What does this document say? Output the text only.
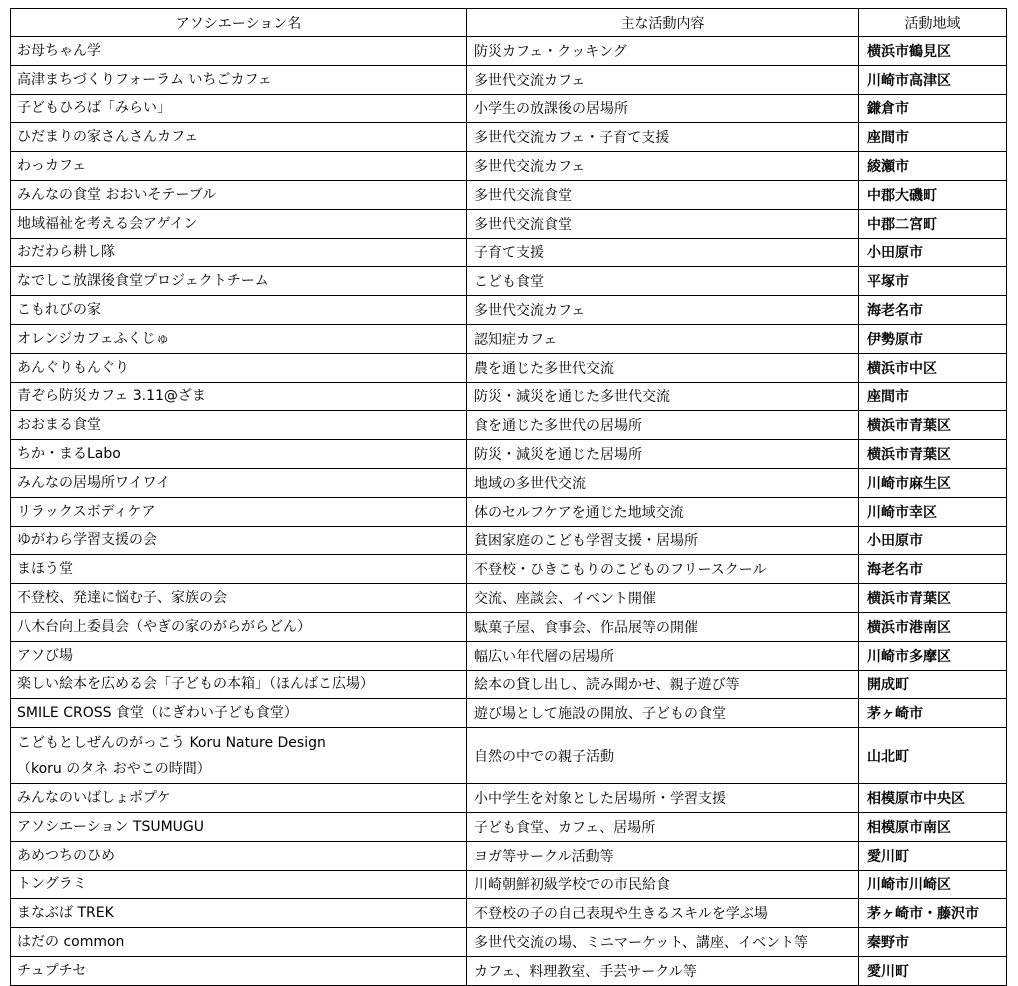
アソシエーション名	主な活動内容	活動地域

お母ちゃん学	防災カフェ・クッキング	横浜市鶴見区

高津まちづくりフォーラム いちごカフェ	多世代交流カフェ	川崎市高津区

子どもひろば「みらい」	小学生の放課後の居場所	鎌倉市

ひだまりの家さんさんカフェ	多世代交流カフェ・子育て支援	座間市

わっカフェ	多世代交流カフェ	綾瀬市

みんなの食堂 おおいそテーブル	多世代交流食堂	中郡大磯町

地域福祉を考える会アゲイン	多世代交流食堂	中郡二宮町

おだわら耕し隊	子育て支援	小田原市

なでしこ放課後食堂プロジェクトチーム	こども食堂	平塚市

こもれびの家	多世代交流カフェ	海老名市

オレンジカフェふくじゅ	認知症カフェ	伊勢原市

あんぐりもんぐり	農を通じた多世代交流	横浜市中区

青ぞら防災カフェ 3.11@ざま	防災・減災を通じた多世代交流	座間市

おおまる食堂	食を通じた多世代の居場所	横浜市青葉区

ちか・まるLabo	防災・減災を通じた居場所	横浜市青葉区

みんなの居場所ワイワイ	地域の多世代交流	川崎市麻生区

リラックスボディケア	体のセルフケアを通じた地域交流	川崎市幸区

ゆがわら学習支援の会	貧困家庭のこども学習支援・居場所	小田原市

まほう堂	不登校・ひきこもりのこどものフリースクール	海老名市

不登校、発達に悩む子、家族の会	交流、座談会、イベント開催	横浜市青葉区

八木台向上委員会（やぎの家のがらがらどん）	駄菓子屋、食事会、作品展等の開催	横浜市港南区

アソび場	幅広い年代層の居場所	川崎市多摩区

楽しい絵本を広める会「子どもの本箱」（ほんばこ広場）	絵本の貸し出し、読み聞かせ、親子遊び等	開成町

SMILE CROSS 食堂（にぎわい子ども食堂）	遊び場として施設の開放、子どもの食堂	茅ヶ崎市

こどもとしぜんのがっこう Koru Nature Design
（koru のタネ おやこの時間）	自然の中での親子活動	山北町

みんなのいばしょポプケ	小中学生を対象とした居場所・学習支援	相模原市中央区

アソシエーション TSUMUGU	子ども食堂、カフェ、居場所	相模原市南区

あめつちのひめ	ヨガ等サークル活動等	愛川町

トングラミ	川崎朝鮮初級学校での市民給食	川崎市川崎区

まなぶば TREK	不登校の子の自己表現や生きるスキルを学ぶ場	茅ヶ崎市・藤沢市

はだの common	多世代交流の場、ミニマーケット、講座、イベント等	秦野市

チュプチセ	カフェ、料理教室、手芸サークル等	愛川町
